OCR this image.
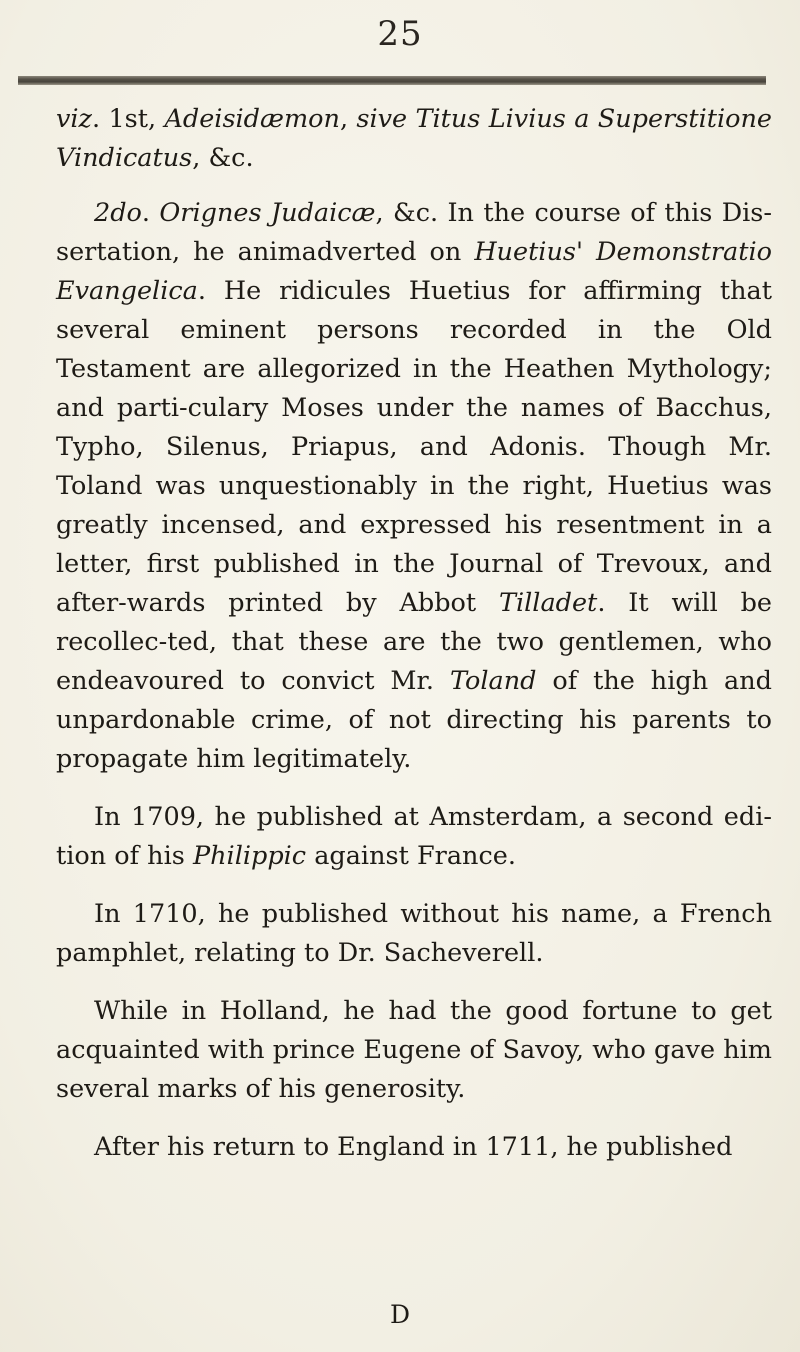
25

viz. 1st, Adeisidæmon, sive Titus Livius a Superstitione Vindicatus, &c.

2do. Orignes Judaicæ, &c. In the course of this Dis-sertation, he animadverted on Huetius' Demonstratio Evangelica. He ridicules Huetius for affirming that several eminent persons recorded in the Old Testament are allegorized in the Heathen Mythology; and parti-culary Moses under the names of Bacchus, Typho, Silenus, Priapus, and Adonis. Though Mr. Toland was unquestionably in the right, Huetius was greatly incensed, and expressed his resentment in a letter, first published in the Journal of Trevoux, and after-wards printed by Abbot Tilladet. It will be recollec-ted, that these are the two gentlemen, who endeavoured to convict Mr. Toland of the high and unpardonable crime, of not directing his parents to propagate him legitimately.

In 1709, he published at Amsterdam, a second edi-tion of his Philippic against France.

In 1710, he published without his name, a French pamphlet, relating to Dr. Sacheverell.

While in Holland, he had the good fortune to get acquainted with prince Eugene of Savoy, who gave him several marks of his generosity.

After his return to England in 1711, he published

D
